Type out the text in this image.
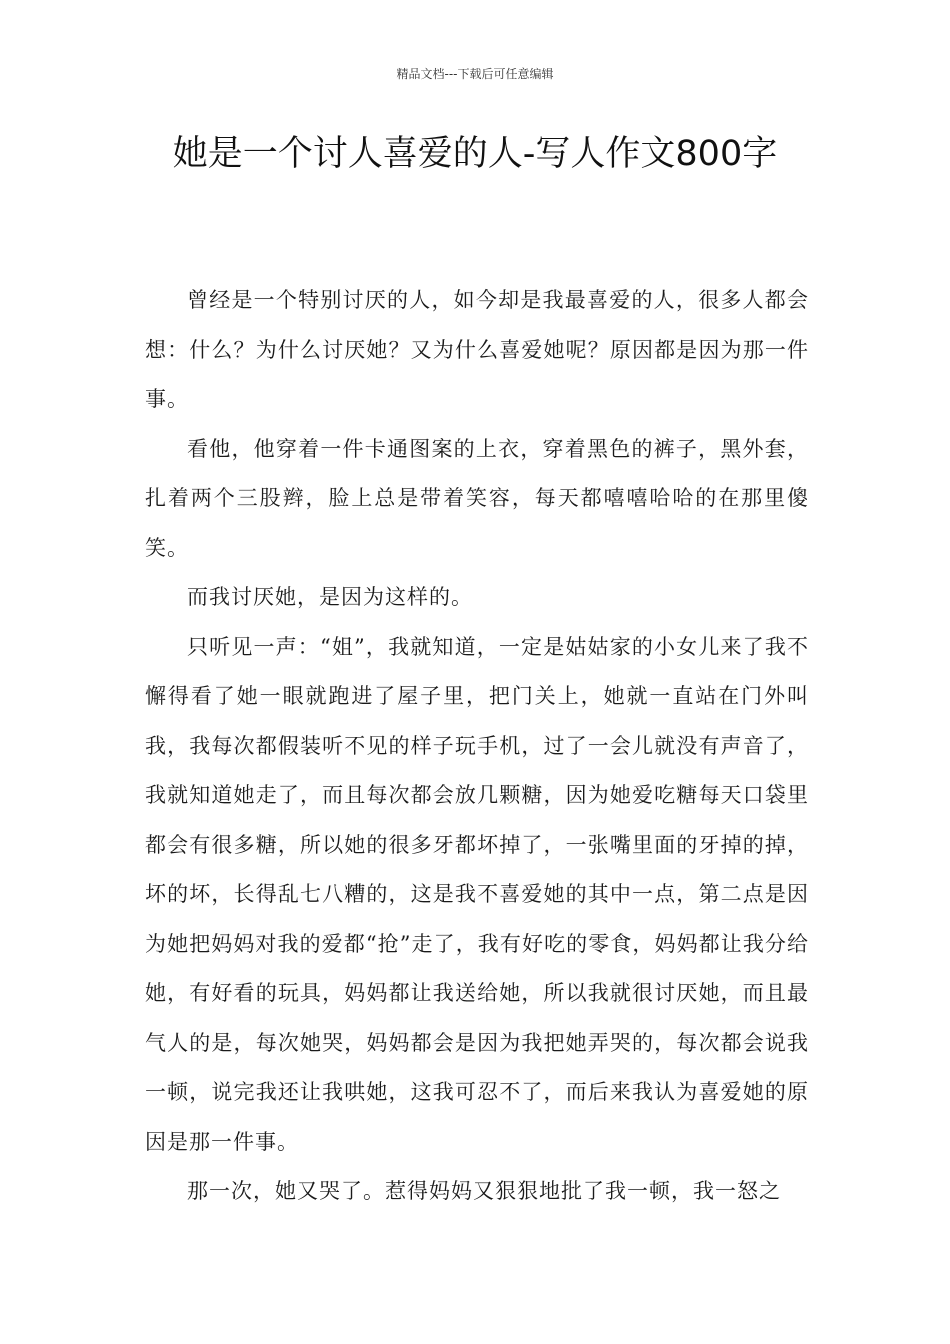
精品文档---下载后可任意编辑
她是一个讨人喜爱的人-写人作文800字

曾经是一个特别讨厌的人，如今却是我最喜爱的人，很多人都会想：什么？为什么讨厌她？又为什么喜爱她呢？原因都是因为那一件事。

看他，他穿着一件卡通图案的上衣，穿着黑色的裤子，黑外套，扎着两个三股辫，脸上总是带着笑容，每天都嘻嘻哈哈的在那里傻笑。

而我讨厌她，是因为这样的。

只听见一声：“姐”，我就知道，一定是姑姑家的小女儿来了我不懈得看了她一眼就跑进了屋子里，把门关上，她就一直站在门外叫我，我每次都假装听不见的样子玩手机，过了一会儿就没有声音了，我就知道她走了，而且每次都会放几颗糖，因为她爱吃糖每天口袋里都会有很多糖，所以她的很多牙都坏掉了，一张嘴里面的牙掉的掉，坏的坏，长得乱七八糟的，这是我不喜爱她的其中一点，第二点是因为她把妈妈对我的爱都“抢”走了，我有好吃的零食，妈妈都让我分给她，有好看的玩具，妈妈都让我送给她，所以我就很讨厌她，而且最气人的是，每次她哭，妈妈都会是因为我把她弄哭的，每次都会说我一顿，说完我还让我哄她，这我可忍不了，而后来我认为喜爱她的原因是那一件事。

那一次，她又哭了。惹得妈妈又狠狠地批了我一顿，我一怒之
